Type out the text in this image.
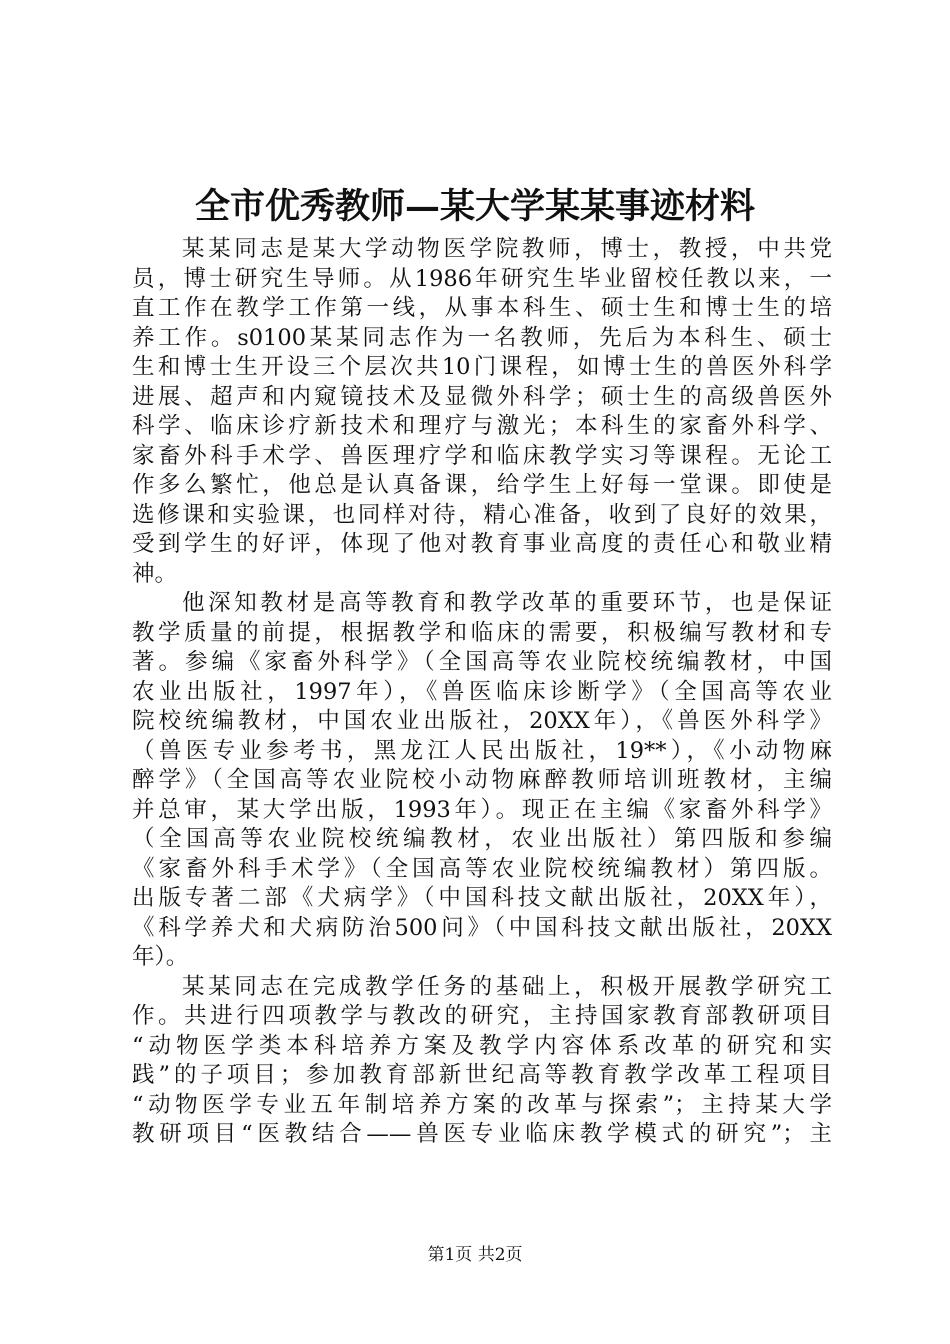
全市优秀教师—某大学某某事迹材料
某某同志是某大学动物医学院教师，博士，教授，中共党
员，博士研究生导师。从1986年研究生毕业留校任教以来，一
直工作在教学工作第一线，从事本科生、硕士生和博士生的培
养工作。s0100某某同志作为一名教师，先后为本科生、硕士
生和博士生开设三个层次共10门课程，如博士生的兽医外科学
进展、超声和内窥镜技术及显微外科学；硕士生的高级兽医外
科学、临床诊疗新技术和理疗与激光；本科生的家畜外科学、
家畜外科手术学、兽医理疗学和临床教学实习等课程。无论工
作多么繁忙，他总是认真备课，给学生上好每一堂课。即使是
选修课和实验课，也同样对待，精心准备，收到了良好的效果，
受到学生的好评，体现了他对教育事业高度的责任心和敬业精
神。
他深知教材是高等教育和教学改革的重要环节，也是保证
教学质量的前提，根据教学和临床的需要，积极编写教材和专
著。参编《家畜外科学》（全国高等农业院校统编教材，中国
农业出版社，1997年），《兽医临床诊断学》（全国高等农业
院校统编教材，中国农业出版社，20XX年），《兽医外科学》
（兽医专业参考书，黑龙江人民出版社，19**），《小动物麻
醉学》（全国高等农业院校小动物麻醉教师培训班教材，主编
并总审，某大学出版，1993年）。现正在主编《家畜外科学》
（全国高等农业院校统编教材，农业出版社）第四版和参编
《家畜外科手术学》（全国高等农业院校统编教材）第四版。
出版专著二部《犬病学》（中国科技文献出版社，20XX年），
《科学养犬和犬病防治500问》（中国科技文献出版社，20XX
年）。
某某同志在完成教学任务的基础上，积极开展教学研究工
作。共进行四项教学与教改的研究，主持国家教育部教研项目
“动物医学类本科培养方案及教学内容体系改革的研究和实
践”的子项目；参加教育部新世纪高等教育教学改革工程项目
“动物医学专业五年制培养方案的改革与探索”；主持某大学
教研项目“医教结合——兽医专业临床教学模式的研究”；主
第1页 共2页
